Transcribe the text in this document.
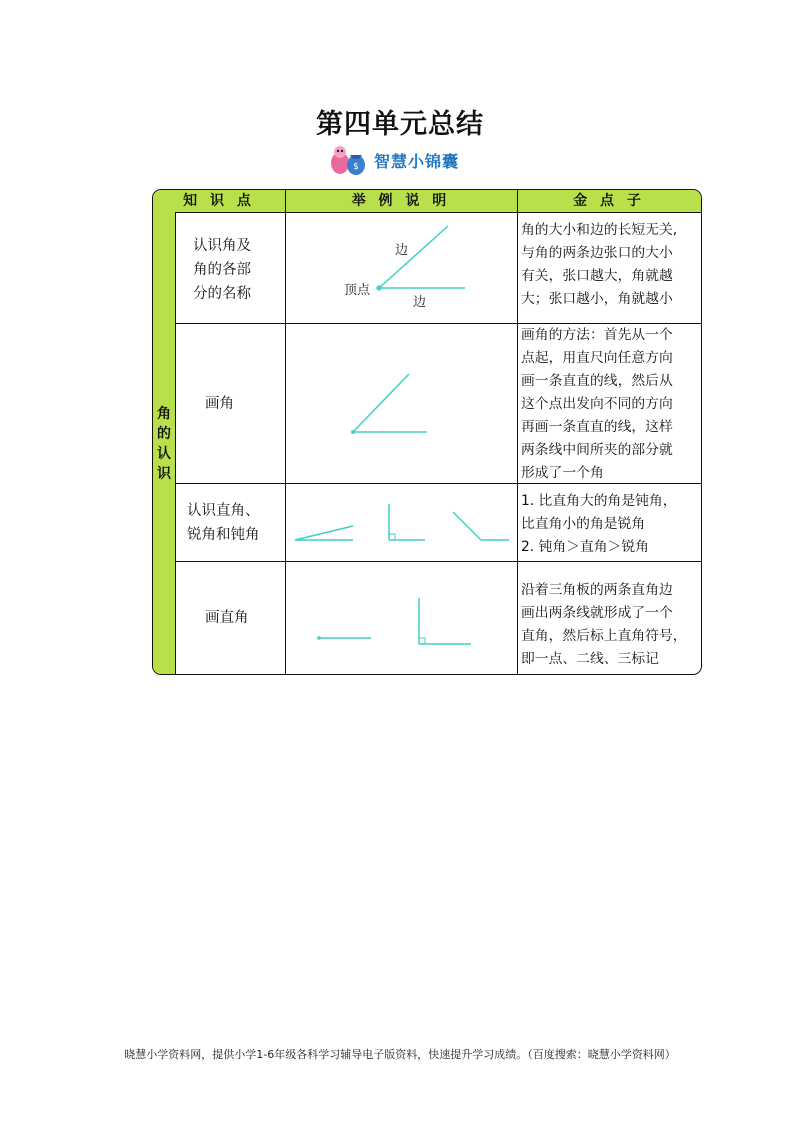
第四单元总结
$ 智慧小锦囊
知 识 点	举 例 说 明	金 点 子
角
的
认
识
认识角及
角的各部
分的名称
边
顶点
边
角的大小和边的长短无关,
与角的两条边张口的大小
有关，张口越大，角就越
大；张口越小，角就越小
画角
画角的方法：首先从一个
点起，用直尺向任意方向
画一条直直的线，然后从
这个点出发向不同的方向
再画一条直直的线，这样
两条线中间所夹的部分就
形成了一个角
认识直角、
锐角和钝角
1. 比直角大的角是钝角，
比直角小的角是锐角
2. 钝角＞直角＞锐角
画直角
沿着三角板的两条直角边
画出两条线就形成了一个
直角，然后标上直角符号，
即一点、二线、三标记
晓慧小学资料网，提供小学1-6年级各科学习辅导电子版资料，快速提升学习成绩。（百度搜索：晓慧小学资料网）
